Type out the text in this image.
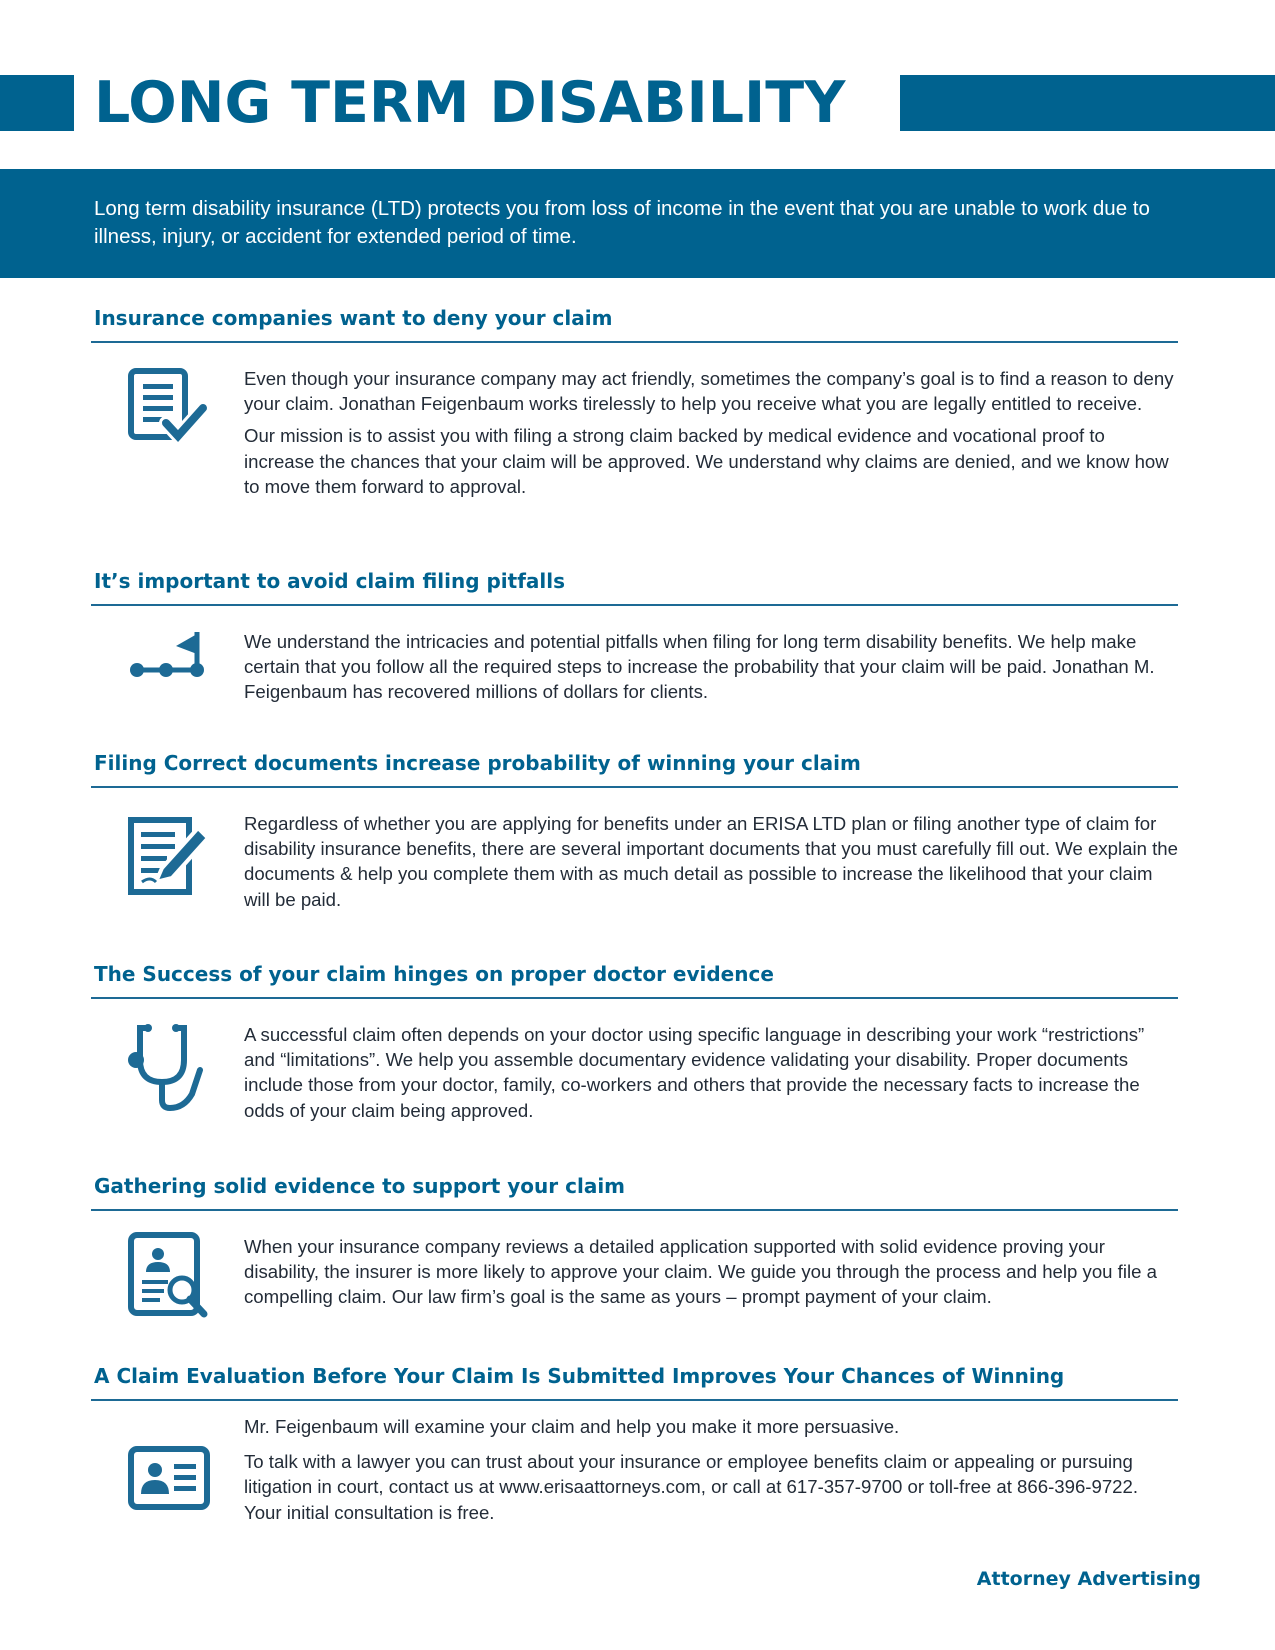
LONG TERM DISABILITY

Long term disability insurance (LTD) protects you from loss of income in the event that you are unable to work due to illness, injury, or accident for extended period of time.

Insurance companies want to deny your claim

Even though your insurance company may act friendly, sometimes the company’s goal is to find a reason to deny your claim. Jonathan Feigenbaum works tirelessly to help you receive what you are legally entitled to receive.

Our mission is to assist you with filing a strong claim backed by medical evidence and vocational proof to increase the chances that your claim will be approved. We understand why claims are denied, and we know how to move them forward to approval.

It’s important to avoid claim filing pitfalls

We understand the intricacies and potential pitfalls when filing for long term disability benefits. We help make certain that you follow all the required steps to increase the probability that your claim will be paid. Jonathan M. Feigenbaum has recovered millions of dollars for clients.

Filing Correct documents increase probability of winning your claim

Regardless of whether you are applying for benefits under an ERISA LTD plan or filing another type of claim for disability insurance benefits, there are several important documents that you must carefully fill out. We explain the documents & help you complete them with as much detail as possible to increase the likelihood that your claim will be paid.

The Success of your claim hinges on proper doctor evidence

A successful claim often depends on your doctor using specific language in describing your work “restrictions” and “limitations”. We help you assemble documentary evidence validating your disability. Proper documents include those from your doctor, family, co-workers and others that provide the necessary facts to increase the odds of your claim being approved.

Gathering solid evidence to support your claim

When your insurance company reviews a detailed application supported with solid evidence proving your disability, the insurer is more likely to approve your claim. We guide you through the process and help you file a compelling claim. Our law firm’s goal is the same as yours – prompt payment of your claim.

A Claim Evaluation Before Your Claim Is Submitted Improves Your Chances of Winning

Mr. Feigenbaum will examine your claim and help you make it more persuasive.

To talk with a lawyer you can trust about your insurance or employee benefits claim or appealing or pursuing litigation in court, contact us at www.erisaattorneys.com, or call at 617-357-9700 or toll-free at 866-396-9722. Your initial consultation is free.

Attorney Advertising
